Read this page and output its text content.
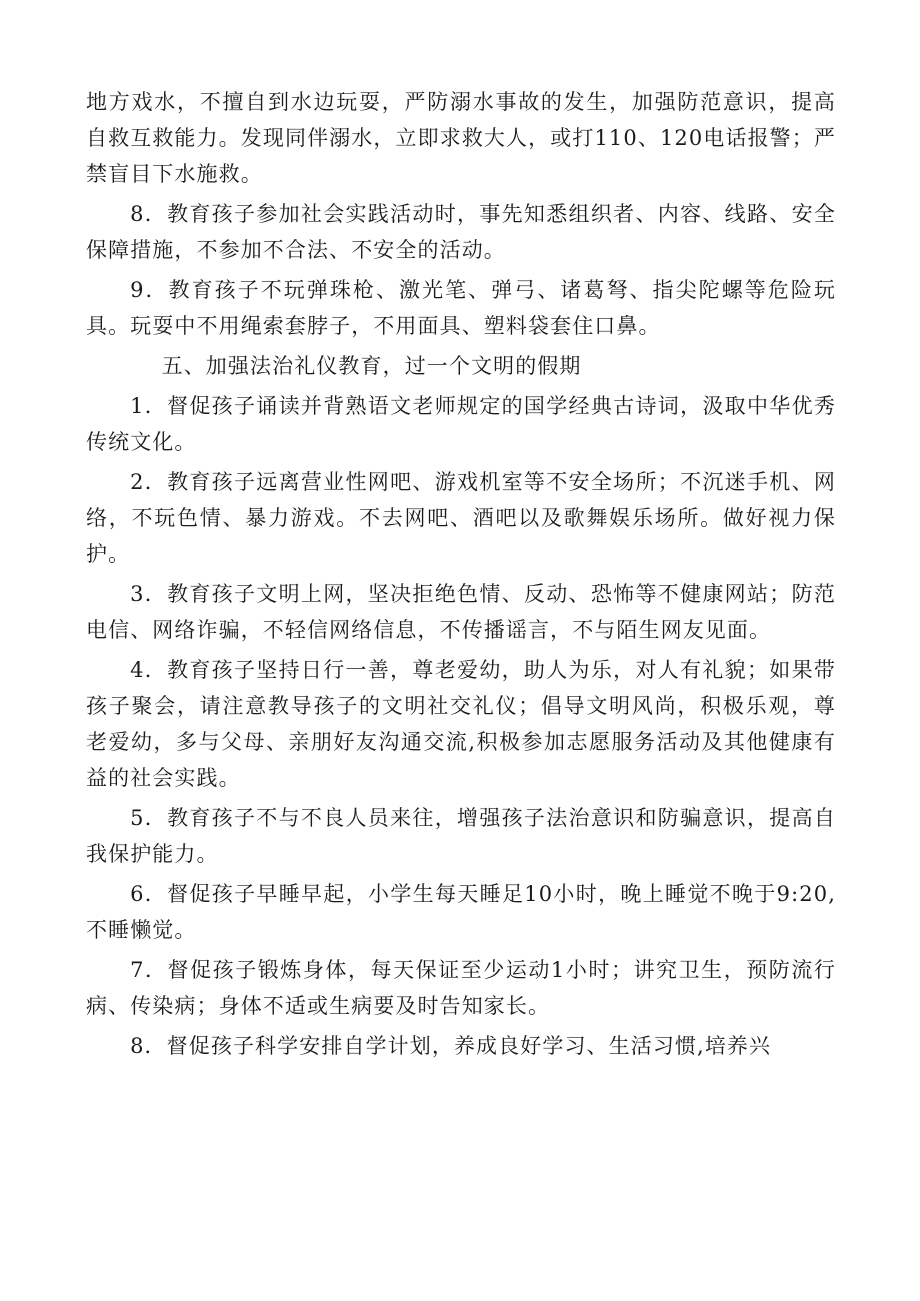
地方戏水，不擅自到水边玩耍，严防溺水事故的发生，加强防范意识，提高自救互救能力。发现同伴溺水，立即求救大人，或打110、120电话报警；严禁盲目下水施救。

8．教育孩子参加社会实践活动时，事先知悉组织者、内容、线路、安全保障措施，不参加不合法、不安全的活动。

9．教育孩子不玩弹珠枪、激光笔、弹弓、诸葛弩、指尖陀螺等危险玩具。玩耍中不用绳索套脖子，不用面具、塑料袋套住口鼻。

五、加强法治礼仪教育，过一个文明的假期

1．督促孩子诵读并背熟语文老师规定的国学经典古诗词，汲取中华优秀传统文化。

2．教育孩子远离营业性网吧、游戏机室等不安全场所；不沉迷手机、网络，不玩色情、暴力游戏。不去网吧、酒吧以及歌舞娱乐场所。做好视力保护。

3．教育孩子文明上网，坚决拒绝色情、反动、恐怖等不健康网站；防范电信、网络诈骗，不轻信网络信息，不传播谣言，不与陌生网友见面。

4．教育孩子坚持日行一善，尊老爱幼，助人为乐，对人有礼貌；如果带孩子聚会，请注意教导孩子的文明社交礼仪；倡导文明风尚，积极乐观，尊老爱幼，多与父母、亲朋好友沟通交流,积极参加志愿服务活动及其他健康有益的社会实践。

5．教育孩子不与不良人员来往，增强孩子法治意识和防骗意识，提高自我保护能力。

6．督促孩子早睡早起，小学生每天睡足10小时，晚上睡觉不晚于9:20,不睡懒觉。

7．督促孩子锻炼身体，每天保证至少运动1小时；讲究卫生，预防流行病、传染病；身体不适或生病要及时告知家长。

8．督促孩子科学安排自学计划，养成良好学习、生活习惯,培养兴
